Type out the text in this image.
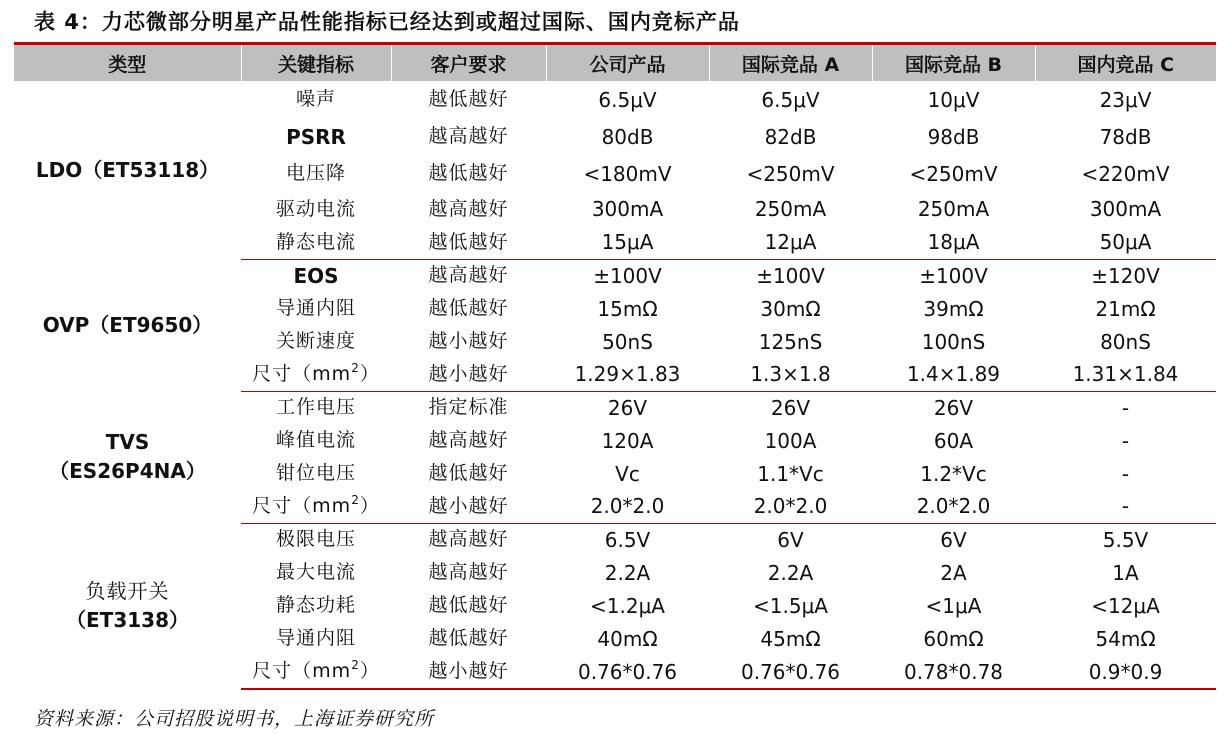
表 4：力芯微部分明星产品性能指标已经达到或超过国际、国内竞标产品
类型	关键指标	客户要求	公司产品	国际竞品 A	国际竞品 B	国内竞品 C
LDO（ET53118）	噪声	越低越好	6.5μV	6.5μV	10μV	23μV
	PSRR	越高越好	80dB	82dB	98dB	78dB
	电压降	越低越好	<180mV	<250mV	<250mV	<220mV
	驱动电流	越高越好	300mA	250mA	250mA	300mA
	静态电流	越低越好	15μA	12μA	18μA	50μA
OVP（ET9650）	EOS	越高越好	±100V	±100V	±100V	±120V
	导通内阻	越低越好	15mΩ	30mΩ	39mΩ	21mΩ
	关断速度	越小越好	50nS	125nS	100nS	80nS
	尺寸$(mm^2)$	越小越好	1.29×1.83	1.3×1.8	1.4×1.89	1.31×1.84
TVS
（ES26P4NA）	工作电压	指定标准	26V	26V	26V	-
	峰值电流	越高越好	120A	100A	60A	-
	钳位电压	越低越好	Vc	1.1*Vc	1.2*Vc	-
	尺寸$(mm^2)$	越小越好	2.0*2.0	2.0*2.0	2.0*2.0	-
负载开关
（ET3138）	极限电压	越高越好	6.5V	6V	6V	5.5V
	最大电流	越高越好	2.2A	2.2A	2A	1A
	静态功耗	越低越好	<1.2μA	<1.5μA	<1μA	<12μA
	导通内阻	越低越好	40mΩ	45mΩ	60mΩ	54mΩ
	尺寸$(mm^2)$	越小越好	0.76*0.76	0.76*0.76	0.78*0.78	0.9*0.9
资料来源：公司招股说明书，上海证券研究所
